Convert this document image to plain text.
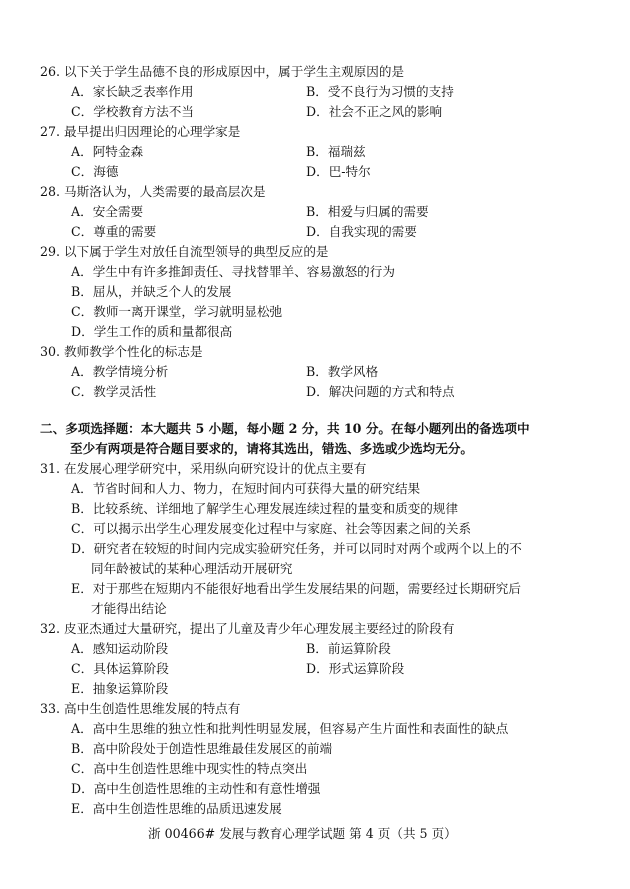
26. 以下关于学生品德不良的形成原因中，属于学生主观原因的是
A．家长缺乏表率作用	B．受不良行为习惯的支持
C．学校教育方法不当	D．社会不正之风的影响
27. 最早提出归因理论的心理学家是
A．阿特金森	B．福瑞兹
C．海德	D．巴-特尔
28. 马斯洛认为，人类需要的最高层次是
A．安全需要	B．相爱与归属的需要
C．尊重的需要	D．自我实现的需要
29. 以下属于学生对放任自流型领导的典型反应的是
A．学生中有许多推卸责任、寻找替罪羊、容易激怒的行为
B．屈从，并缺乏个人的发展
C．教师一离开课堂，学习就明显松弛
D．学生工作的质和量都很高
30. 教师教学个性化的标志是
A．教学情境分析	B．教学风格
C．教学灵活性	D．解决问题的方式和特点
二、多项选择题：本大题共 5 小题，每小题 2 分，共 10 分。在每小题列出的备选项中
至少有两项是符合题目要求的，请将其选出，错选、多选或少选均无分。
31. 在发展心理学研究中，采用纵向研究设计的优点主要有
A．节省时间和人力、物力，在短时间内可获得大量的研究结果
B．比较系统、详细地了解学生心理发展连续过程的量变和质变的规律
C．可以揭示出学生心理发展变化过程中与家庭、社会等因素之间的关系
D．研究者在较短的时间内完成实验研究任务，并可以同时对两个或两个以上的不
同年龄被试的某种心理活动开展研究
E．对于那些在短期内不能很好地看出学生发展结果的问题，需要经过长期研究后
才能得出结论
32. 皮亚杰通过大量研究，提出了儿童及青少年心理发展主要经过的阶段有
A．感知运动阶段	B．前运算阶段
C．具体运算阶段	D．形式运算阶段
E．抽象运算阶段
33. 高中生创造性思维发展的特点有
A．高中生思维的独立性和批判性明显发展，但容易产生片面性和表面性的缺点
B．高中阶段处于创造性思维最佳发展区的前端
C．高中生创造性思维中现实性的特点突出
D．高中生创造性思维的主动性和有意性增强
E．高中生创造性思维的品质迅速发展
浙 00466# 发展与教育心理学试题 第 4 页（共 5 页）
